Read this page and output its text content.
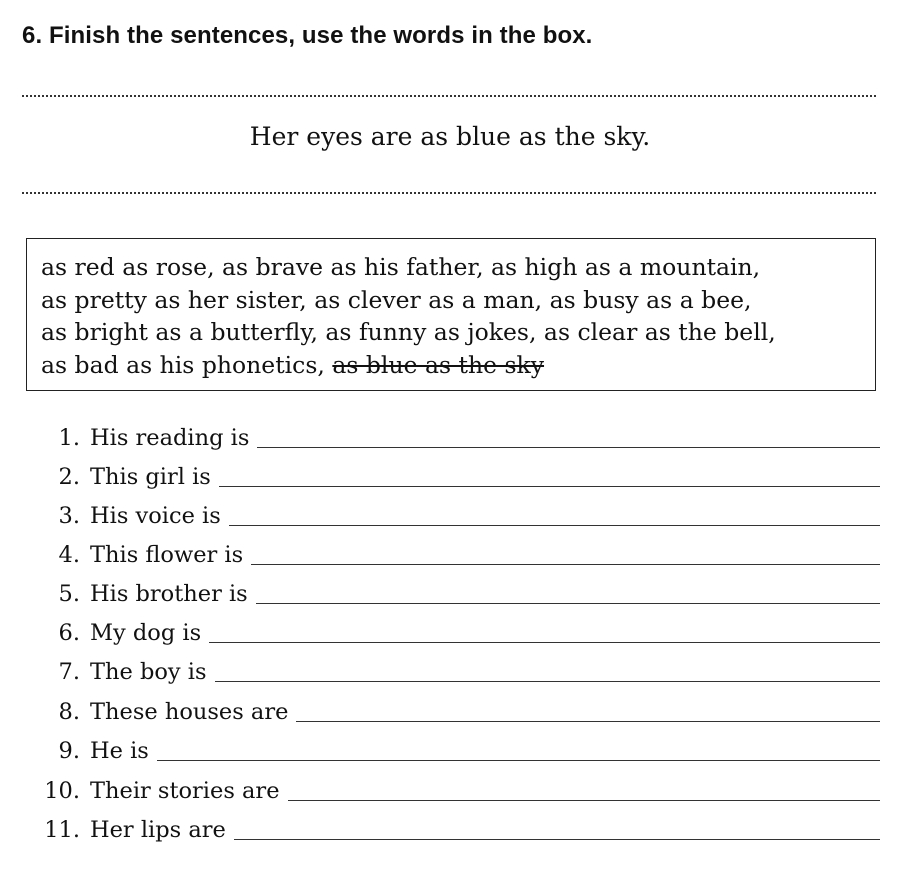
6. Finish the sentences, use the words in the box.
Her eyes are as blue as the sky.
as red as rose, as brave as his father, as high as a mountain,
as pretty as her sister, as clever as a man, as busy as a bee,
as bright as a butterfly, as funny as jokes, as clear as the bell,
as bad as his phonetics, as blue as the sky
1. His reading is
2. This girl is
3. His voice is
4. This flower is
5. His brother is
6. My dog is
7. The boy is
8. These houses are
9. He is
10. Their stories are
11. Her lips are
